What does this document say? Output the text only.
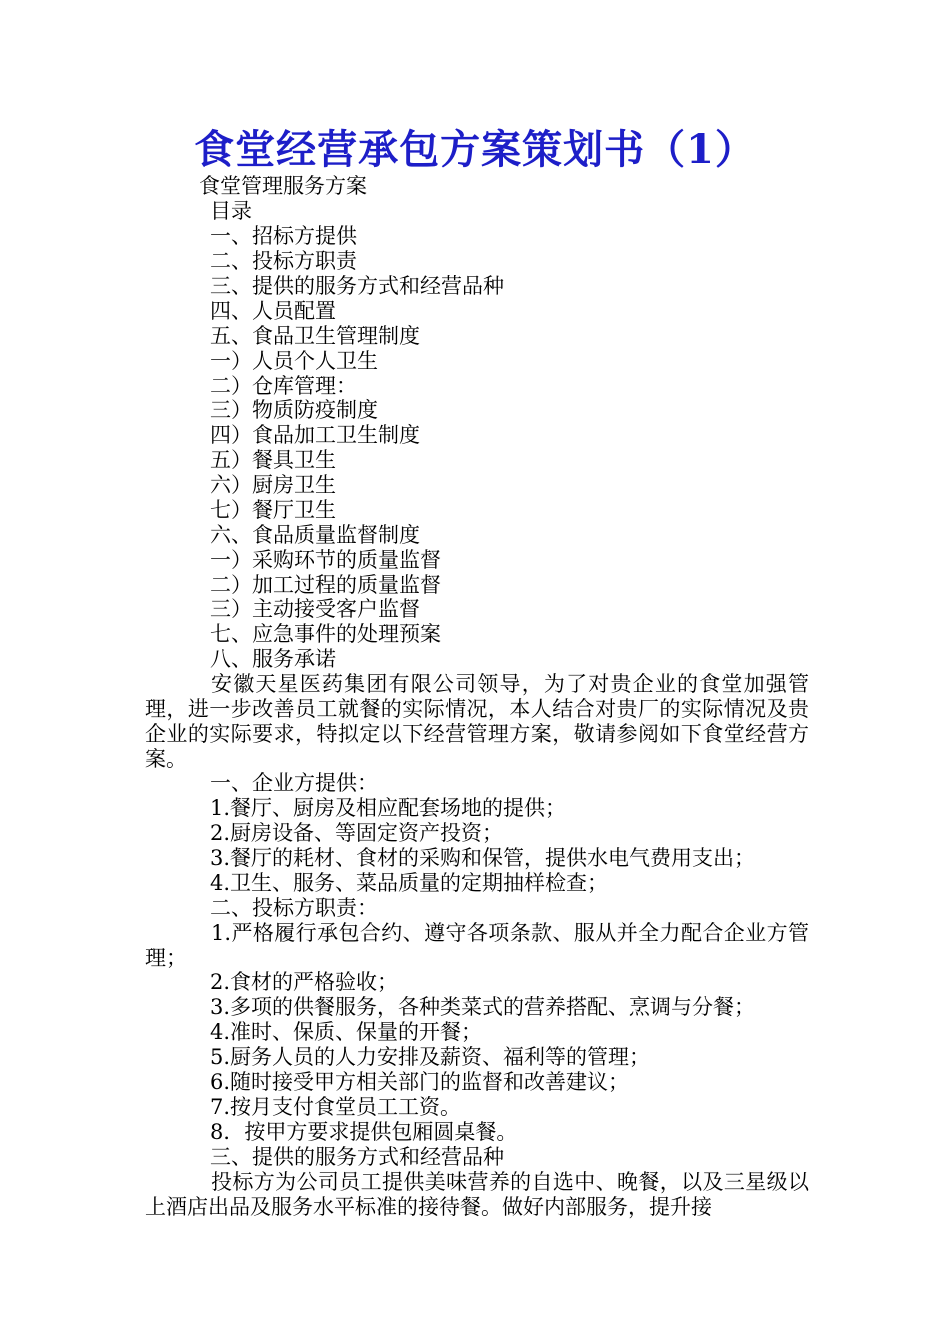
食堂经营承包方案策划书（1）

食堂管理服务方案

目录

一、招标方提供

二、投标方职责

三、提供的服务方式和经营品种

四、人员配置

五、食品卫生管理制度

一）人员个人卫生

二）仓库管理：

三）物质防疫制度

四）食品加工卫生制度

五）餐具卫生

六）厨房卫生

七）餐厅卫生

六、食品质量监督制度

一）采购环节的质量监督

二）加工过程的质量监督

三）主动接受客户监督

七、应急事件的处理预案

八、服务承诺

安徽天星医药集团有限公司领导，为了对贵企业的食堂加强管理，进一步改善员工就餐的实际情况，本人结合对贵厂的实际情况及贵企业的实际要求，特拟定以下经营管理方案，敬请参阅如下食堂经营方案。

一、企业方提供：

1.餐厅、厨房及相应配套场地的提供；

2.厨房设备、等固定资产投资；

3.餐厅的耗材、食材的采购和保管，提供水电气费用支出；

4.卫生、服务、菜品质量的定期抽样检查；

二、投标方职责：

1.严格履行承包合约、遵守各项条款、服从并全力配合企业方管理；

2.食材的严格验收；

3.多项的供餐服务，各种类菜式的营养搭配、烹调与分餐；

4.准时、保质、保量的开餐；

5.厨务人员的人力安排及薪资、福利等的管理；

6.随时接受甲方相关部门的监督和改善建议；

7.按月支付食堂员工工资。

8．按甲方要求提供包厢圆桌餐。

三、提供的服务方式和经营品种

投标方为公司员工提供美味营养的自选中、晚餐，以及三星级以上酒店出品及服务水平标准的接待餐。做好内部服务，提升接
